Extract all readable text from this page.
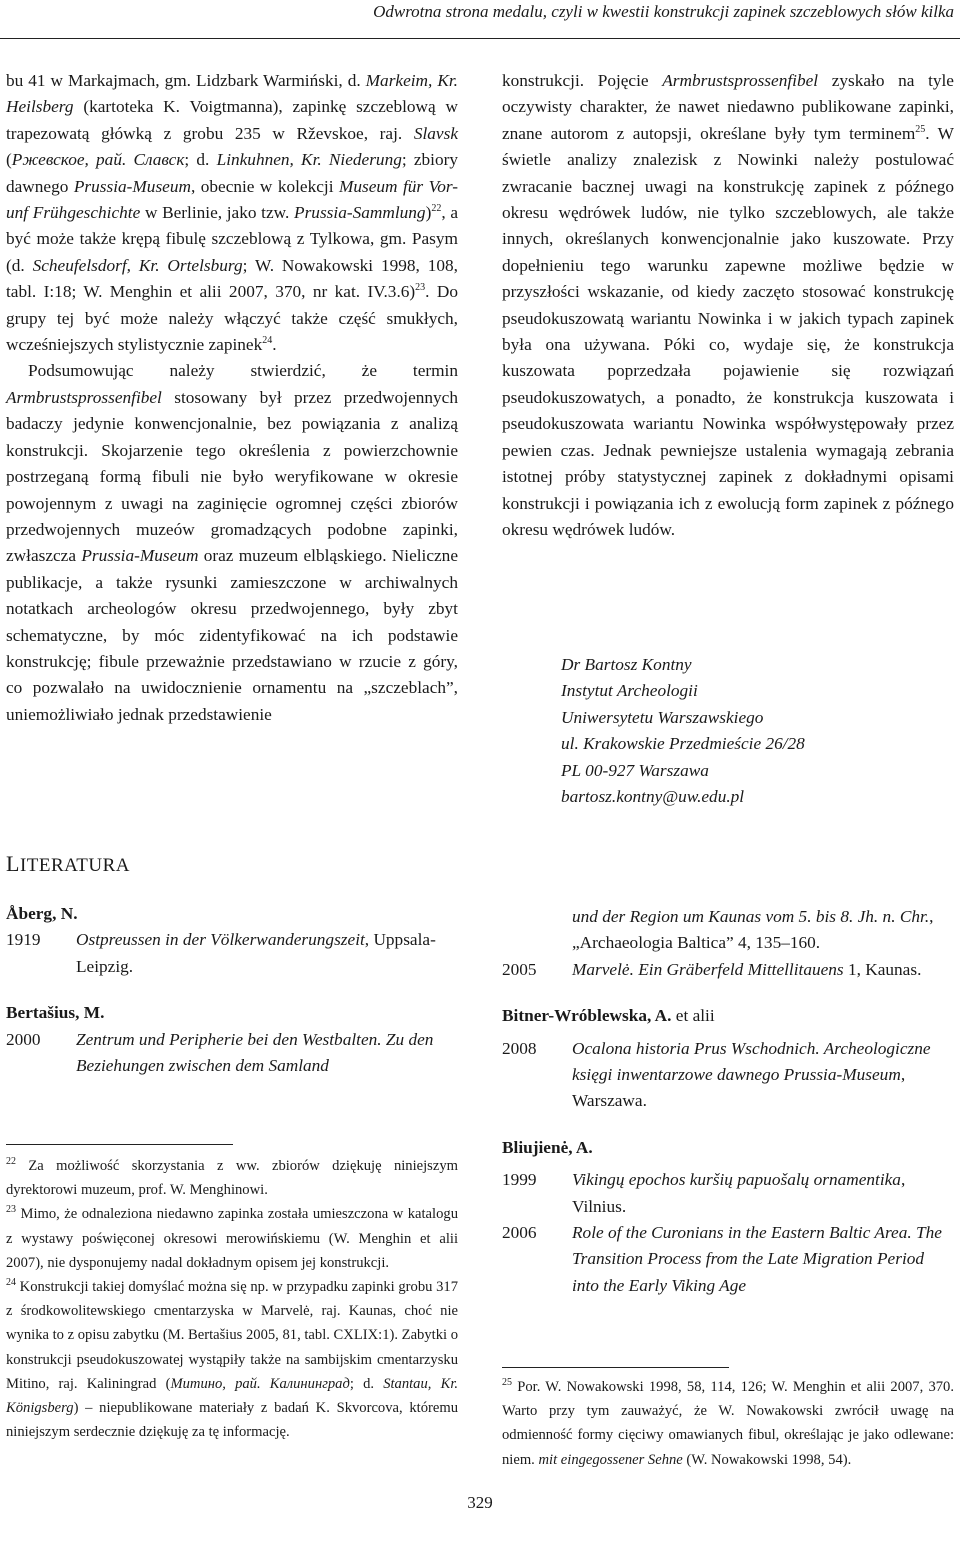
Odwrotna strona medalu, czyli w kwestii konstrukcji zapinek szczeblowych słów kilka

bu 41 w Markajmach, gm. Lidzbark Warmiński, d. Markeim, Kr. Heilsberg (kartoteka K. Voigtmanna), zapinkę szczeblową w trapezowatą główką z grobu 235 w Rževskoe, raj. Slavsk (Ржевское, рай. Славск; d. Linkuhnen, Kr. Niederung; zbiory dawnego Prussia-Museum, obecnie w kolekcji Museum für Vor- unf Frühgeschichte w Berlinie, jako tzw. Prussia-Sammlung)$^{22}$, a być może także krępą fibulę szczeblową z Tylkowa, gm. Pasym (d. Scheufelsdorf, Kr. Ortelsburg; W. Nowakowski 1998, 108, tabl. I:18; W. Menghin et alii 2007, 370, nr kat. IV.3.6)$^{23}$. Do grupy tej być może należy włączyć także część smukłych, wcześniejszych stylistycznie zapinek$^{24}$.

Podsumowując należy stwierdzić, że termin Armbrustsprossenfibel stosowany był przez przedwojennych badaczy jedynie konwencjonalnie, bez powiązania z analizą konstrukcji. Skojarzenie tego określenia z powierzchownie postrzeganą formą fibuli nie było weryfikowane w okresie powojennym z uwagi na zaginięcie ogromnej części zbiorów przedwojennych muzeów gromadzących podobne zapinki, zwłaszcza Prussia-Museum oraz muzeum elbląskiego. Nieliczne publikacje, a także rysunki zamieszczone w archiwalnych notatkach archeologów okresu przedwojennego, były zbyt schematyczne, by móc zidentyfikować na ich podstawie konstrukcję; fibule przeważnie przedstawiano w rzucie z góry, co pozwalało na uwidocznienie ornamentu na „szczeblach”, uniemożliwiało jednak przedstawienie

konstrukcji. Pojęcie Armbrustsprossenfibel zyskało na tyle oczywisty charakter, że nawet niedawno publikowane zapinki, znane autorom z autopsji, określane były tym terminem$^{25}$. W świetle analizy znalezisk z Nowinki należy postulować zwracanie bacznej uwagi na konstrukcję zapinek z późnego okresu wędrówek ludów, nie tylko szczeblowych, ale także innych, określanych konwencjonalnie jako kuszowate. Przy dopełnieniu tego warunku zapewne możliwe będzie w przyszłości wskazanie, od kiedy zaczęto stosować konstrukcję pseudokuszowatą wariantu Nowinka i w jakich typach zapinek była ona używana. Póki co, wydaje się, że konstrukcja kuszowata poprzedzała pojawienie się rozwiązań pseudokuszowatych, a ponadto, że konstrukcja kuszowata i pseudokuszowata wariantu Nowinka współwystępowały przez pewien czas. Jednak pewniejsze ustalenia wymagają zebrania istotnej próby statystycznej zapinek z dokładnymi opisami konstrukcji i powiązania ich z ewolucją form zapinek z późnego okresu wędrówek ludów.

Dr Bartosz Kontny
Instytut Archeologii
Uniwersytetu Warszawskiego
ul. Krakowskie Przedmieście 26/28
PL 00-927 Warszawa
bartosz.kontny@uw.edu.pl
LITERATURA
Åberg, N.
1919 Ostpreussen in der Völkerwanderungszeit, Uppsala-Leipzig.
Bertašius, M.
2000 Zentrum und Peripherie bei den Westbalten. Zu den Beziehungen zwischen dem Samland
und der Region um Kaunas vom 5. bis 8. Jh. n. Chr., „Archaeologia Baltica” 4, 135–160.
2005 Marvelė. Ein Gräberfeld Mittellitauens 1, Kaunas.
Bitner-Wróblewska, A. et alii
2008 Ocalona historia Prus Wschodnich. Archeologiczne księgi inwentarzowe dawnego Prussia-Museum, Warszawa.
Bliujienė, A.
1999 Vikingų epochos kuršių papuošalų ornamentika, Vilnius.
2006 Role of the Curonians in the Eastern Baltic Area. The Transition Process from the Late Migration Period into the Early Viking Age

$^{22}$ Za możliwość skorzystania z ww. zbiorów dziękuję niniejszym dyrektorowi muzeum, prof. W. Menghinowi.

$^{23}$ Mimo, że odnaleziona niedawno zapinka została umieszczona w katalogu z wystawy poświęconej okresowi merowińskiemu (W. Menghin et alii 2007), nie dysponujemy nadal dokładnym opisem jej konstrukcji.

$^{24}$ Konstrukcji takiej domyślać można się np. w przypadku zapinki grobu 317 z środkowolitewskiego cmentarzyska w Marvelė, raj. Kaunas, choć nie wynika to z opisu zabytku (M. Bertašius 2005, 81, tabl. CXLIX:1). Zabytki o konstrukcji pseudokuszowatej wystąpiły także na sambijskim cmentarzysku Mitino, raj. Kaliningrad (Митино, рай. Калининград; d. Stantau, Kr. Königsberg) – niepublikowane materiały z badań K. Skvorcova, któremu niniejszym serdecznie dziękuję za tę informację.

$^{25}$ Por. W. Nowakowski 1998, 58, 114, 126; W. Menghin et alii 2007, 370. Warto przy tym zauważyć, że W. Nowakowski zwrócił uwagę na odmienność formy cięciwy omawianych fibul, określając je jako odlewane: niem. mit eingegossener Sehne (W. Nowakowski 1998, 54).

329
